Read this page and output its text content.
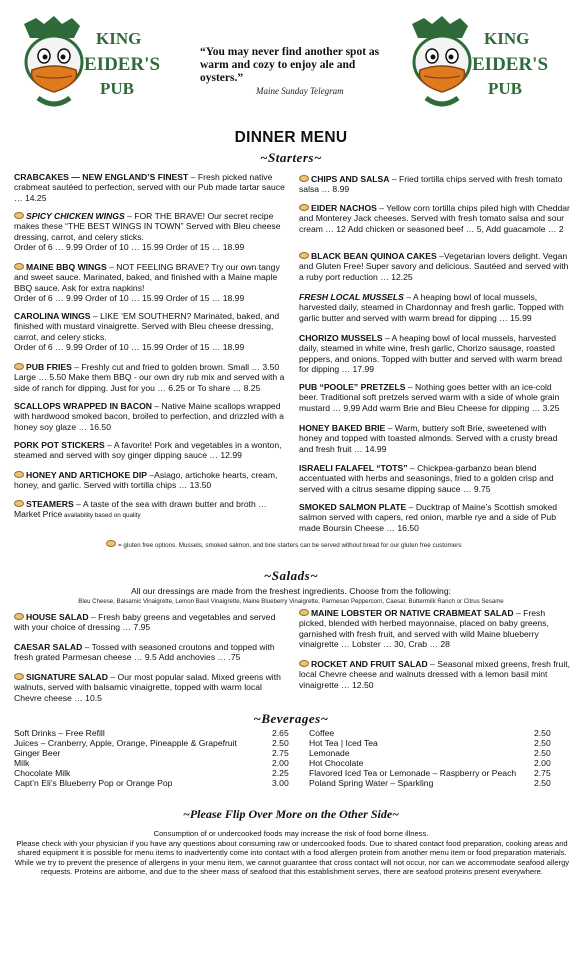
KING
EIDER'S
PUB
“You may never find another spot as warm and cozy to enjoy ale and oysters.”
Maine Sunday Telegram
KING
EIDER'S
PUB
DINNER MENU
~Starters~
CRABCAKES — NEW ENGLAND’S FINEST – Fresh picked native crabmeat sautéed to perfection, served with our Pub made tartar sauce … 14.25
SPICY CHICKEN WINGS – FOR THE BRAVE! Our secret recipe makes these “THE BEST WINGS IN TOWN” Served with Bleu cheese dressing, carrot, and celery sticks.
Order of 6 … 9.99 Order of 10 … 15.99 Order of 15 … 18.99
MAINE BBQ WINGS – NOT FEELING BRAVE? Try our own tangy and sweet sauce. Marinated, baked, and finished with a Maine maple BBQ sauce. Ask for extra napkins!
Order of 6 … 9.99 Order of 10 … 15.99 Order of 15 … 18.99
CAROLINA WINGS – LIKE ‘EM SOUTHERN? Marinated, baked, and finished with mustard vinaigrette. Served with Bleu cheese dressing, carrot, and celery sticks.
Order of 6 … 9.99 Order of 10 … 15.99 Order of 15 … 18.99
PUB FRIES – Freshly cut and fried to golden brown. Small … 3.50 Large … 5.50 Make them BBQ - our own dry rub mix and served with a side of ranch for dipping. Just for you … 6.25 or To share … 8.25
SCALLOPS WRAPPED IN BACON – Native Maine scallops wrapped with hardwood smoked bacon, broiled to perfection, and drizzled with a honey soy glaze … 16.50
PORK POT STICKERS – A favorite! Pork and vegetables in a wonton, steamed and served with soy ginger dipping sauce … 12.99
HONEY AND ARTICHOKE DIP –Asiago, artichoke hearts, cream, honey, and garlic. Served with tortilla chips … 13.50
STEAMERS – A taste of the sea with drawn butter and broth …
Market Price availability based on quality
CHIPS AND SALSA – Fried tortilla chips served with fresh tomato salsa … 8.99
EIDER NACHOS – Yellow corn tortilla chips piled high with Cheddar and Monterey Jack cheeses. Served with fresh tomato salsa and sour cream … 12 Add chicken or seasoned beef … 5, Add guacamole … 2
BLACK BEAN QUINOA CAKES –Vegetarian lovers delight. Vegan and Gluten Free! Super savory and delicious. Sautéed and served with a ruby port reduction … 12.25
FRESH LOCAL MUSSELS – A heaping bowl of local mussels, harvested daily, steamed in Chardonnay and fresh garlic. Topped with garlic butter and served with warm bread for dipping … 15.99
CHORIZO MUSSELS – A heaping bowl of local mussels, harvested daily, steamed in white wine, fresh garlic, Chorizo sausage, roasted peppers, and onions. Topped with butter and served with warm bread for dipping … 17.99
PUB “POOLE” PRETZELS – Nothing goes better with an ice-cold beer. Traditional soft pretzels served warm with a side of whole grain mustard … 9.99 Add warm Brie and Bleu Cheese for dipping … 3.25
HONEY BAKED BRIE – Warm, buttery soft Brie, sweetened with honey and topped with toasted almonds. Served with a crusty bread and fresh fruit … 14.99
ISRAELI FALAFEL “TOTS” – Chickpea-garbanzo bean blend accentuated with herbs and seasonings, fried to a golden crisp and served with a citrus sesame dipping sauce … 9.75
SMOKED SALMON PLATE – Ducktrap of Maine’s Scottish smoked salmon served with capers, red onion, marble rye and a side of Pub made Boursin Cheese … 16.50
= gluten free options. Mussels, smoked salmon, and brie starters can be served without bread for our gluten free customers
~Salads~
All our dressings are made from the freshest ingredients. Choose from the following:
Bleu Cheese, Balsamic Vinaigrette, Lemon Basil Vinaigrette, Maine Blueberry Vinaigrette, Parmesan Peppercorn, Caesar, Buttermilk Ranch or Citrus Sesame
HOUSE SALAD – Fresh baby greens and vegetables and served with your choice of dressing … 7.95
CAESAR SALAD – Tossed with seasoned croutons and topped with fresh grated Parmesan cheese … 9.5 Add anchovies … .75
SIGNATURE SALAD – Our most popular salad. Mixed greens with walnuts, served with balsamic vinaigrette, topped with warm local Chevre cheese … 10.5
MAINE LOBSTER OR NATIVE CRABMEAT SALAD – Fresh picked, blended with herbed mayonnaise, placed on baby greens, garnished with fresh fruit, and served with wild Maine blueberry vinaigrette … Lobster … 30, Crab … 28
ROCKET AND FRUIT SALAD – Seasonal mixed greens, fresh fruit, local Chevre cheese and walnuts dressed with a lemon basil mint vinaigrette … 12.50
~Beverages~
Soft Drinks – Free Refill	2.65
Juices – Cranberry, Apple, Orange, Pineapple & Grapefruit	2.50
Ginger Beer	2.75
Milk	2.00
Chocolate Milk	2.25
Capt’n Eli’s Blueberry Pop or Orange Pop	3.00
Coffee	2.50
Hot Tea | Iced Tea	2.50
Lemonade	2.50
Hot Chocolate	2.00
Flavored Iced Tea or Lemonade – Raspberry or Peach 2.75
Poland Spring Water – Sparkling	2.50
~Please Flip Over More on the Other Side~
Consumption of or undercooked foods may increase the risk of food borne illness.
Please check with your physician if you have any questions about consuming raw or undercooked foods. Due to shared contact food preparation, cooking areas and shared equipment it is possible for menu items to inadvertently come into contact with a food allergen protein from another menu item or food preparation materials. While we try to prevent the presence of allergens in your menu item, we cannot guarantee that cross contact will not occur, nor can we accommodate seafood allergy requests. Proteins are airborne, and due to the sheer mass of seafood that this establishment serves, there are seafood proteins present everywhere.
